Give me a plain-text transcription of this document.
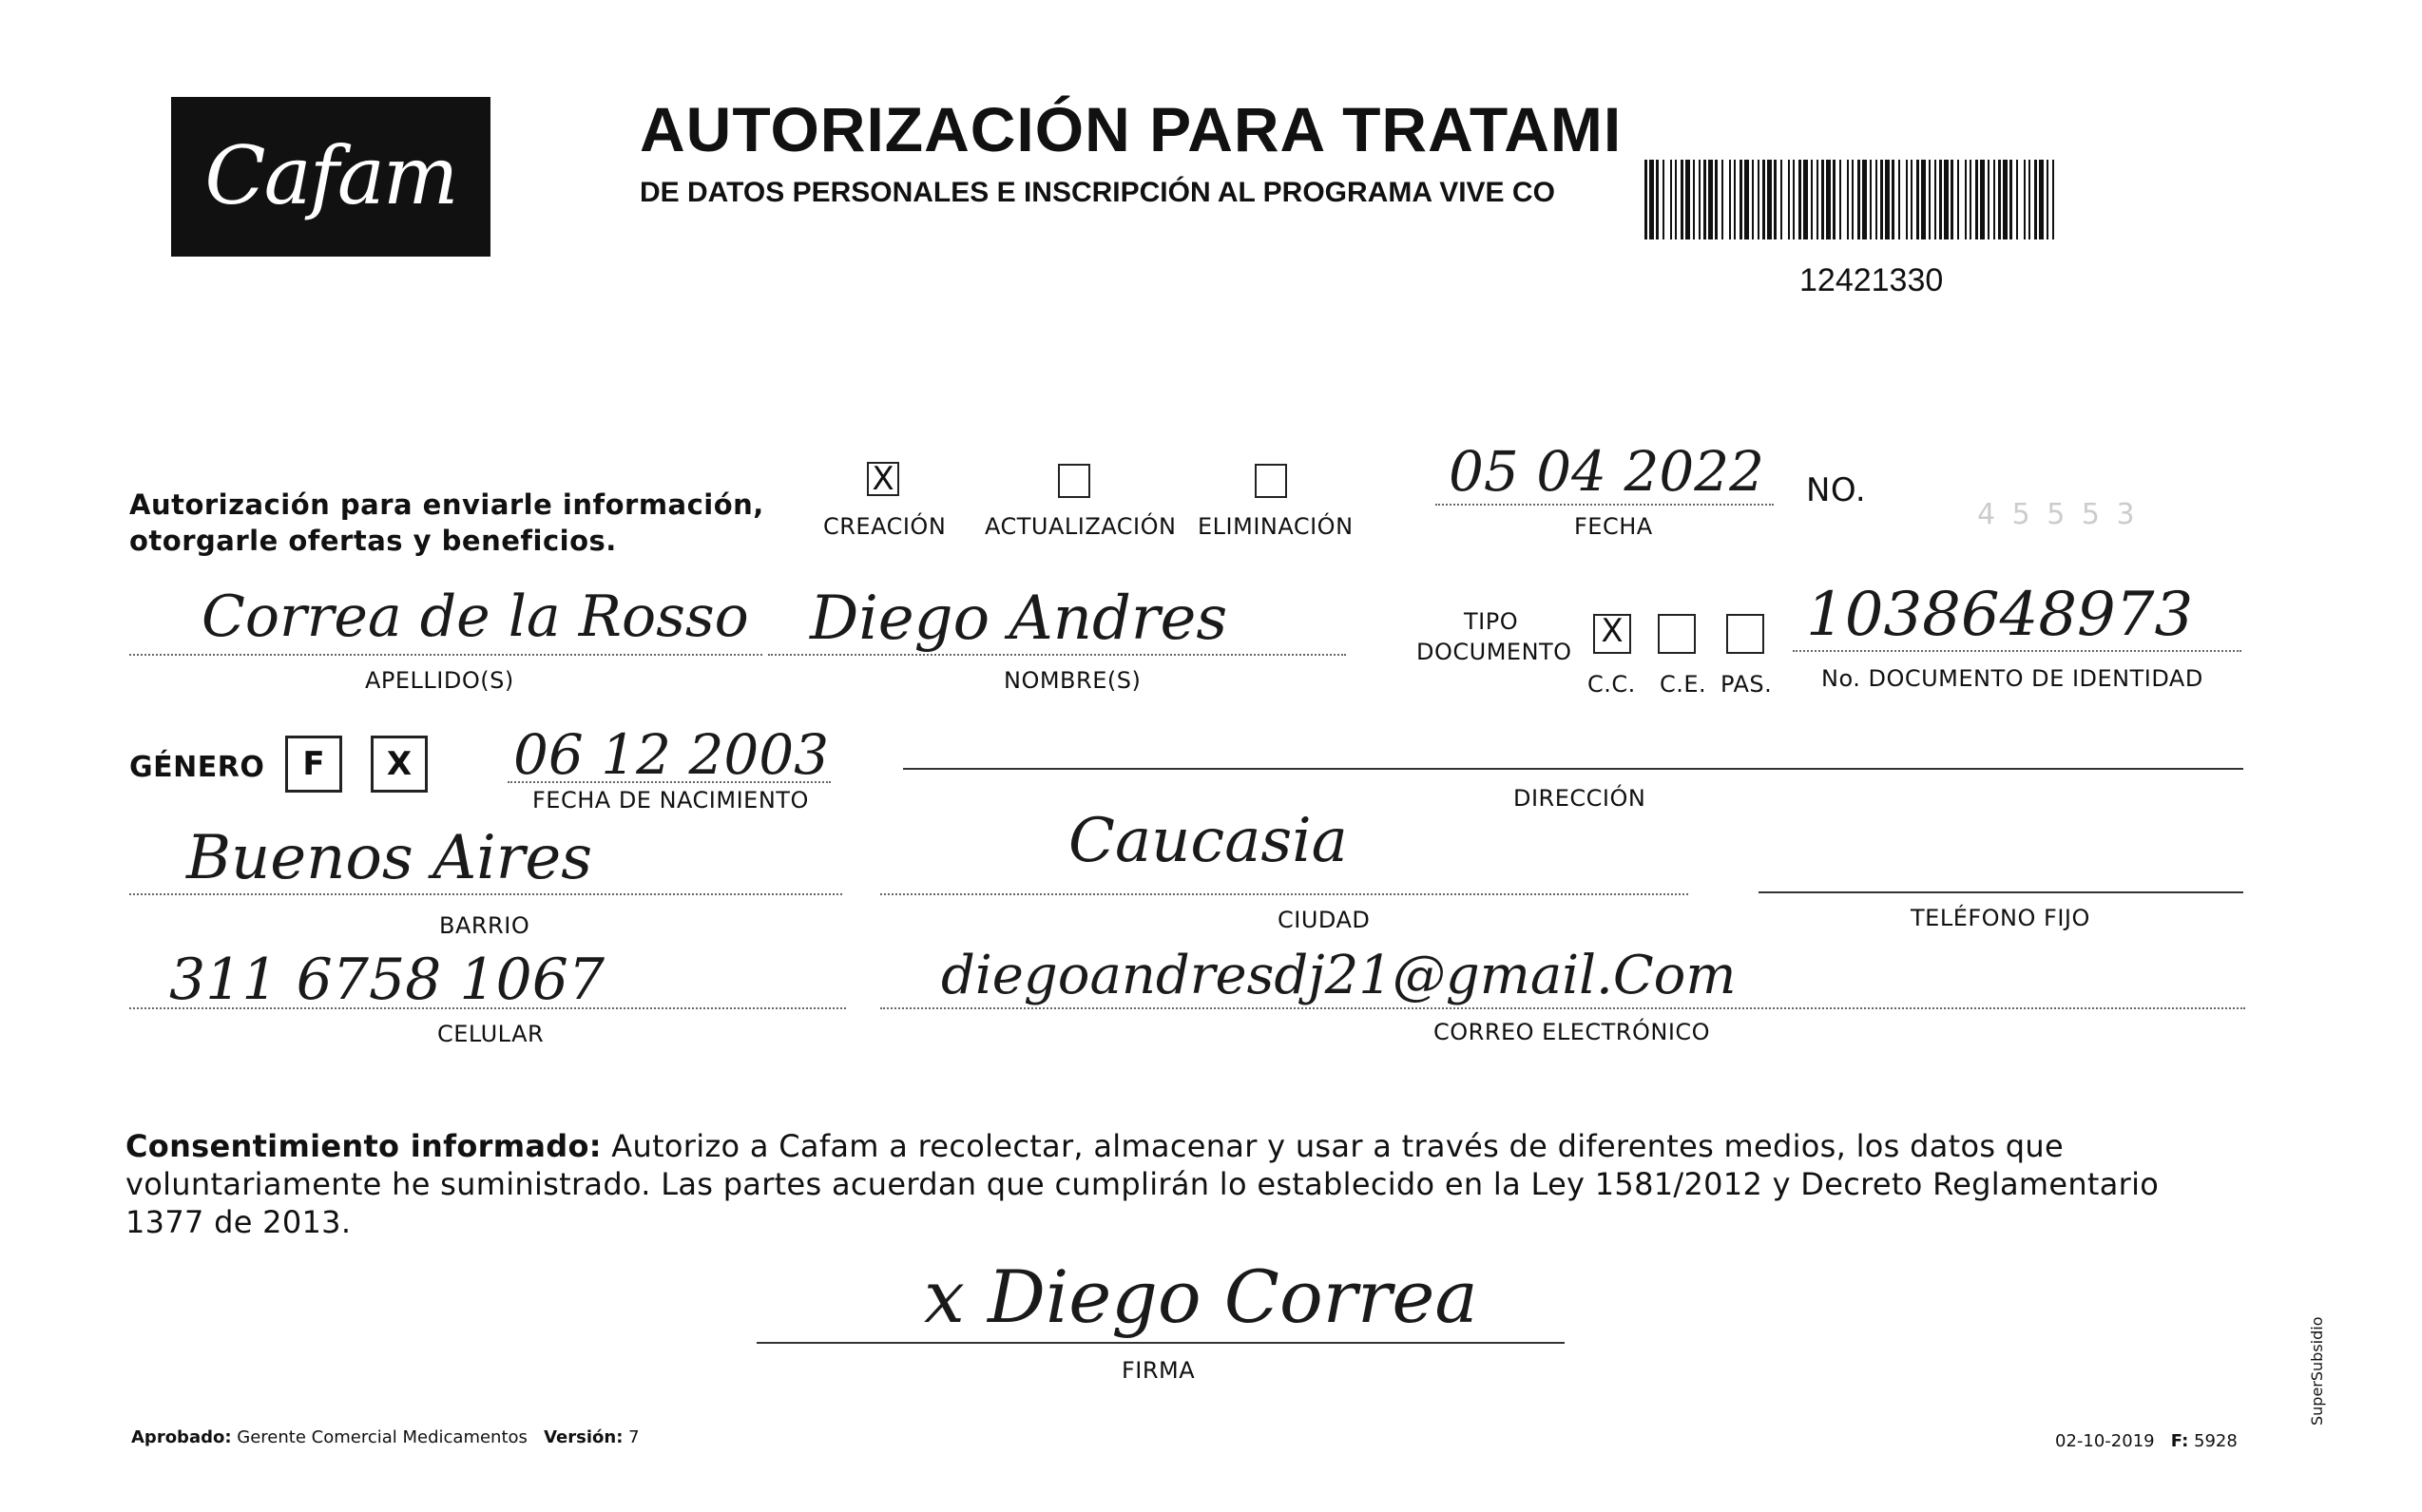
Cafam	AUTORIZACIÓN PARA TRATAMI
DE DATOS PERSONALES E INSCRIPCIÓN AL PROGRAMA VIVE CO
12421330
Autorización para enviarle información,
otorgarle ofertas y beneficios.
X
CREACIÓN ACTUALIZACIÓN ELIMINACIÓN
05 04 2022
FECHA
NO.
4 5 5 5 3
Correa de la Rosso
APELLIDO(S)
Diego Andres
NOMBRE(S)
TIPO
DOCUMENTO
X
C.C. C.E. PAS.
1038648973
No. DOCUMENTO DE IDENTIDAD
GÉNERO	F	X 06 12 2003
FECHA DE NACIMIENTO	DIRECCIÓN
Buenos Aires
BARRIO
Caucasia
CIUDAD	TELÉFONO FIJO
311 6758 1067
CELULAR
diegoandresdj21@gmail.Com
CORREO ELECTRÓNICO
Consentimiento informado: Autorizo a Cafam a recolectar, almacenar y usar a través de diferentes medios, los datos que voluntariamente he suministrado. Las partes acuerdan que cumplirán lo establecido en la Ley 1581/2012 y Decreto Reglamentario 1377 de 2013.
x Diego Correa
FIRMA
Aprobado: Gerente Comercial Medicamentos Versión: 7	02-10-2019 F: 5928
SuperSubsidio
